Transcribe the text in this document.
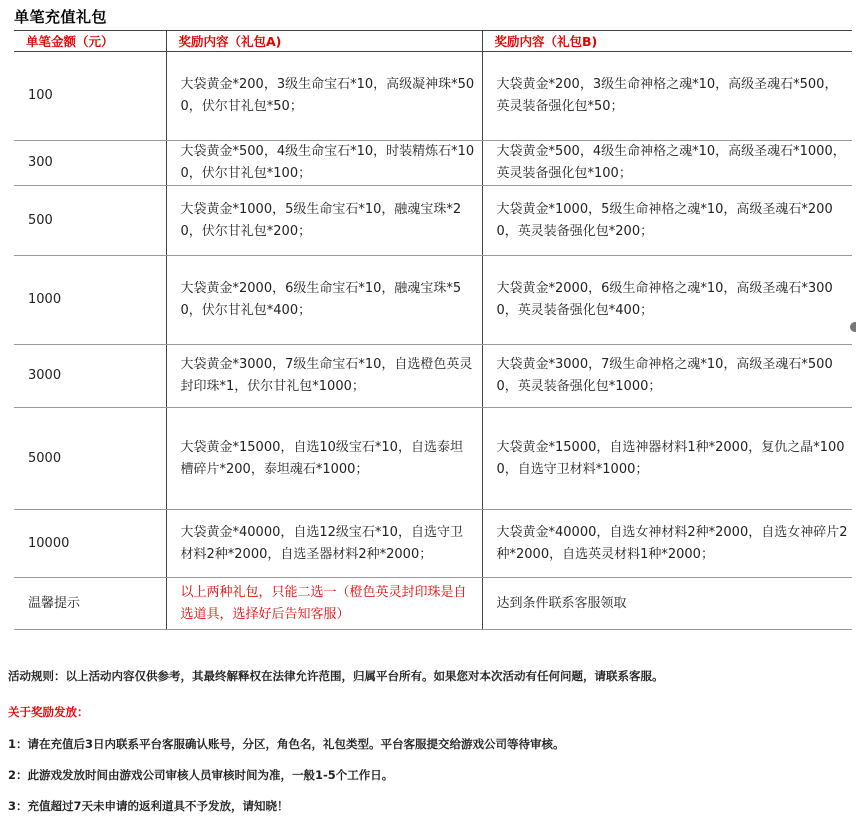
单笔充值礼包
单笔金额（元）	奖励内容（礼包A)	奖励内容（礼包B)
100	大袋黄金*200，3级生命宝石*10，高级凝神珠*500，伏尔甘礼包*50；	大袋黄金*200，3级生命神格之魂*10，高级圣魂石*500，英灵装备强化包*50；
300	大袋黄金*500，4级生命宝石*10，时装精炼石*100，伏尔甘礼包*100；	大袋黄金*500，4级生命神格之魂*10，高级圣魂石*1000，英灵装备强化包*100；
500	大袋黄金*1000，5级生命宝石*10，融魂宝珠*20，伏尔甘礼包*200；	大袋黄金*1000，5级生命神格之魂*10，高级圣魂石*2000，英灵装备强化包*200；
1000	大袋黄金*2000，6级生命宝石*10，融魂宝珠*50，伏尔甘礼包*400；	大袋黄金*2000，6级生命神格之魂*10，高级圣魂石*3000，英灵装备强化包*400；
3000	大袋黄金*3000，7级生命宝石*10，自选橙色英灵封印珠*1，伏尔甘礼包*1000；	大袋黄金*3000，7级生命神格之魂*10，高级圣魂石*5000，英灵装备强化包*1000；
5000	大袋黄金*15000，自选10级宝石*10，自选泰坦槽碎片*200，泰坦魂石*1000；	大袋黄金*15000，自选神器材料1种*2000，复仇之晶*1000，自选守卫材料*1000；
10000	大袋黄金*40000，自选12级宝石*10，自选守卫材料2种*2000，自选圣器材料2种*2000；	大袋黄金*40000，自选女神材料2种*2000，自选女神碎片2种*2000，自选英灵材料1种*2000；
温馨提示	以上两种礼包，只能二选一（橙色英灵封印珠是自选道具，选择好后告知客服）	达到条件联系客服领取
活动规则：以上活动内容仅供参考，其最终解释权在法律允许范围，归属平台所有。如果您对本次活动有任何问题，请联系客服。
关于奖励发放：
1：请在充值后3日内联系平台客服确认账号，分区，角色名，礼包类型。平台客服提交给游戏公司等待审核。
2：此游戏发放时间由游戏公司审核人员审核时间为准，一般1-5个工作日。
3：充值超过7天未申请的返利道具不予发放，请知晓！
